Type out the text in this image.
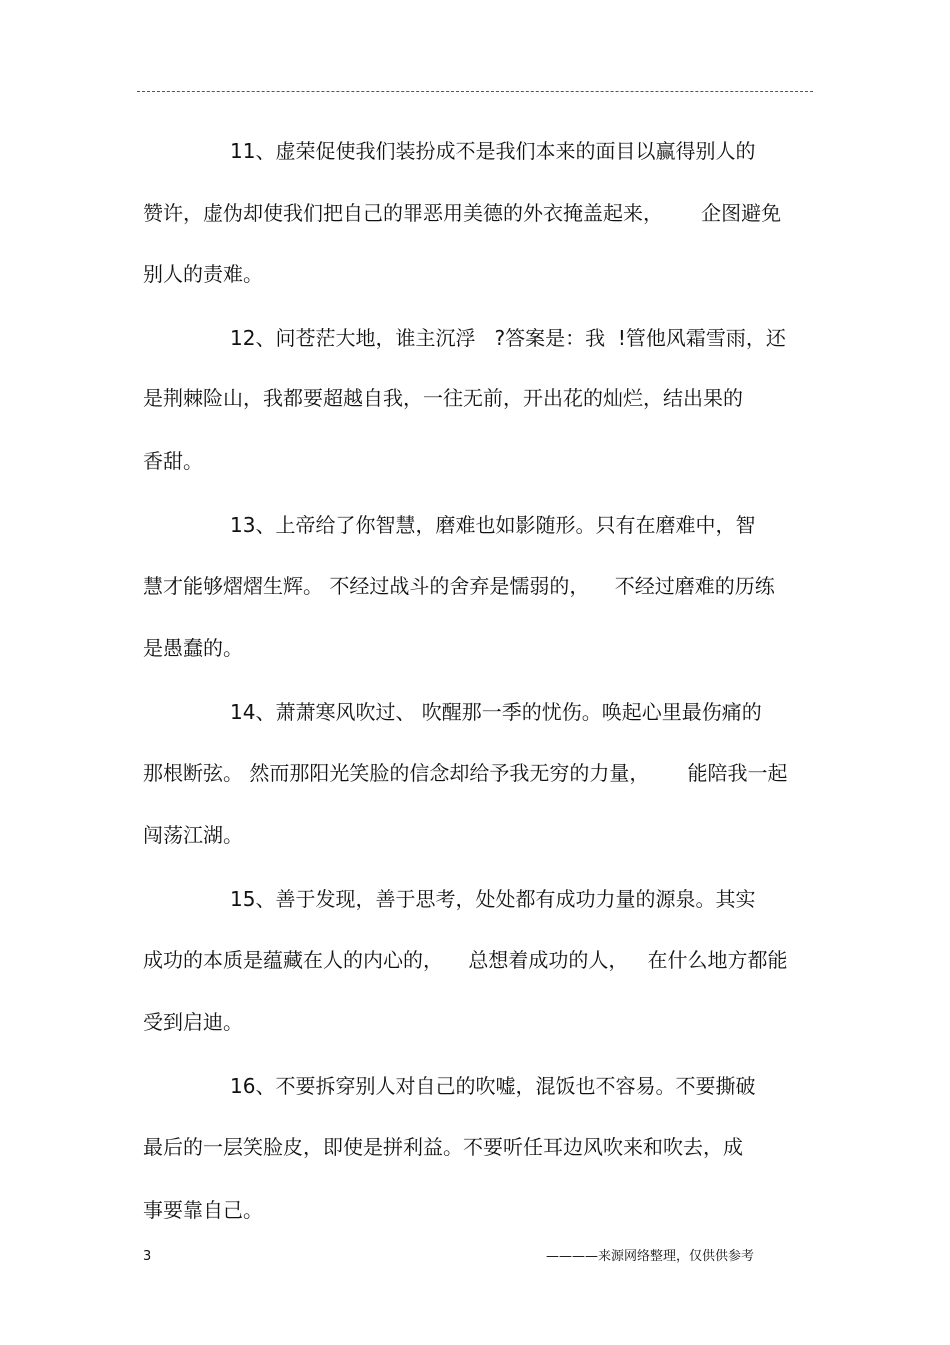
11、虚荣促使我们装扮成不是我们本来的面目以赢得别人的
赞许，虚伪却使我们把自己的罪恶用美德的外衣掩盖起来，      企图避免
别人的责难。
12、问苍茫大地，谁主沉浮   ?答案是：我  !管他风霜雪雨，还
是荆棘险山，我都要超越自我，一往无前，开出花的灿烂，结出果的
香甜。
13、上帝给了你智慧，磨难也如影随形。只有在磨难中，智
慧才能够熠熠生辉。 不经过战斗的舍弃是懦弱的，    不经过磨难的历练
是愚蠢的。
14、萧萧寒风吹过、 吹醒那一季的忧伤。唤起心里最伤痛的
那根断弦。 然而那阳光笑脸的信念却给予我无穷的力量，      能陪我一起
闯荡江湖。
15、善于发现，善于思考，处处都有成功力量的源泉。其实
成功的本质是蕴藏在人的内心的，    总想着成功的人，   在什么地方都能
受到启迪。
16、不要拆穿别人对自己的吹嘘，混饭也不容易。不要撕破
最后的一层笑脸皮，即使是拼利益。不要听任耳边风吹来和吹去，成
事要靠自己。
3	————来源网络整理，仅供供参考
